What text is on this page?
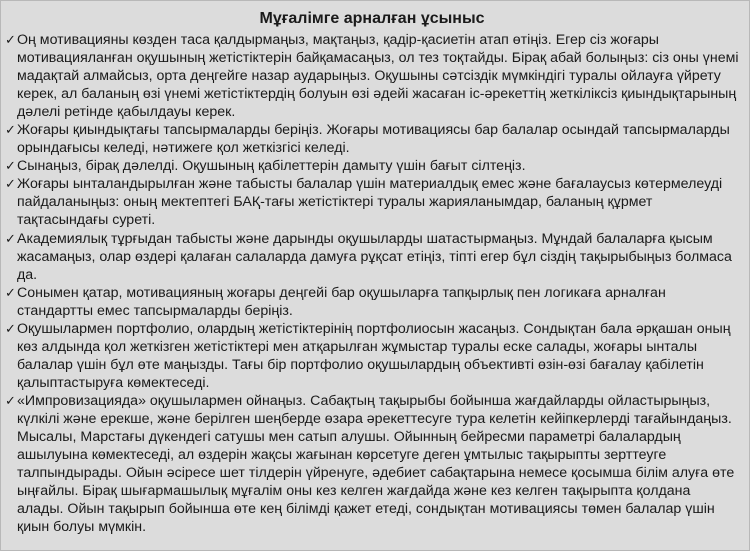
Мұғалімге арналған ұсыныс
✓ Оң мотивацияны көзден таса қалдырмаңыз, мақтаңыз, қадір-қасиетін атап өтіңіз. Егер сіз жоғары мотивацияланған оқушының жетістіктерін байқамасаңыз, ол тез тоқтайды. Бірақ абай болыңыз: сіз оны үнемі мадақтай алмайсыз, орта деңгейге назар аударыңыз. Оқушыны сәтсіздік мүмкіндігі туралы ойлауға үйрету керек, ал баланың өзі үнемі жетістіктердің болуын өзі әдейі жасаған іс-әрекеттің жеткіліксіз қиындықтарының дәлелі ретінде қабылдауы керек.
✓ Жоғары қиындықтағы тапсырмаларды беріңіз. Жоғары мотивациясы бар балалар осындай тапсырмаларды орындағысы келеді, нәтижеге қол жеткізгісі келеді.
✓ Сынаңыз, бірақ дәлелді. Оқушының қабілеттерін дамыту үшін бағыт сілтеңіз.
✓ Жоғары ынталандырылған және табысты балалар үшін материалдық емес және бағалаусыз көтермелеуді пайдаланыңыз: оның мектептегі БАҚ-тағы жетістіктері туралы жарияланымдар, баланың құрмет тақтасындағы суреті.
✓ Академиялық тұрғыдан табысты және дарынды оқушыларды шатастырмаңыз. Мұндай балаларға қысым жасамаңыз, олар өздері қалаған салаларда дамуға рұқсат етіңіз, тіпті егер бұл сіздің тақырыбыңыз болмаса да.
✓ Сонымен қатар, мотивацияның жоғары деңгейі бар оқушыларға тапқырлық пен логикаға арналған стандартты емес тапсырмаларды беріңіз.
✓ Оқушылармен портфолио, олардың жетістіктерінің портфолиосын жасаңыз. Сондықтан бала әрқашан оның көз алдында қол жеткізген жетістіктері мен атқарылған жұмыстар туралы еске салады, жоғары ынталы балалар үшін бұл өте маңызды. Тағы бір портфолио оқушылардың объективті өзін-өзі бағалау қабілетін қалыптастыруға көмектеседі.
✓ «Импровизацияда» оқушылармен ойнаңыз. Сабақтың тақырыбы бойынша жағдайларды ойластырыңыз, күлкілі және ерекше, және берілген шеңберде өзара әрекеттесуге тура келетін кейіпкерлерді тағайындаңыз. Мысалы, Марстағы дүкендегі сатушы мен сатып алушы. Ойынның бейресми параметрі балалардың ашылуына көмектеседі, ал өздерін жақсы жағынан көрсетуге деген ұмтылыс тақырыпты зерттеуге талпындырады. Ойын әсіресе шет тілдерін үйренуге, әдебиет сабақтарына немесе қосымша білім алуға өте ыңғайлы. Бірақ шығармашылық мұғалім оны кез келген жағдайда және кез келген тақырыпта қолдана алады. Ойын тақырып бойынша өте кең білімді қажет етеді, сондықтан мотивациясы төмен балалар үшін қиын болуы мүмкін.
